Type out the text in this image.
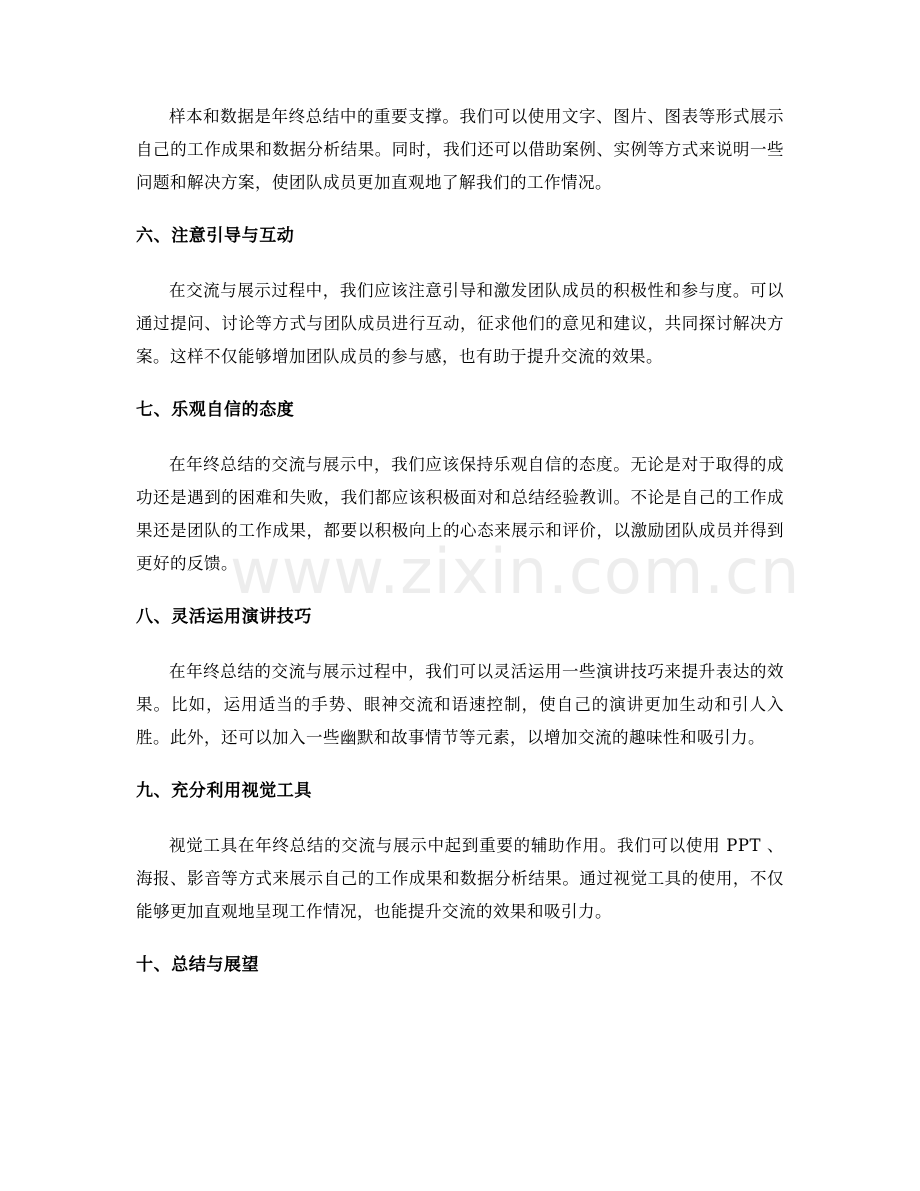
样本和数据是年终总结中的重要支撑。我们可以使用文字、图片、图表等形式展示自己的工作成果和数据分析结果。同时，我们还可以借助案例、实例等方式来说明一些问题和解决方案，使团队成员更加直观地了解我们的工作情况。

六、注意引导与互动

在交流与展示过程中，我们应该注意引导和激发团队成员的积极性和参与度。可以通过提问、讨论等方式与团队成员进行互动，征求他们的意见和建议，共同探讨解决方案。这样不仅能够增加团队成员的参与感，也有助于提升交流的效果。

七、乐观自信的态度

在年终总结的交流与展示中，我们应该保持乐观自信的态度。无论是对于取得的成功还是遇到的困难和失败，我们都应该积极面对和总结经验教训。不论是自己的工作成果还是团队的工作成果，都要以积极向上的心态来展示和评价，以激励团队成员并得到更好的反馈。

八、灵活运用演讲技巧

在年终总结的交流与展示过程中，我们可以灵活运用一些演讲技巧来提升表达的效果。比如，运用适当的手势、眼神交流和语速控制，使自己的演讲更加生动和引人入胜。此外，还可以加入一些幽默和故事情节等元素，以增加交流的趣味性和吸引力。

九、充分利用视觉工具

视觉工具在年终总结的交流与展示中起到重要的辅助作用。我们可以使用 PPT 、海报、影音等方式来展示自己的工作成果和数据分析结果。通过视觉工具的使用，不仅能够更加直观地呈现工作情况，也能提升交流的效果和吸引力。

十、总结与展望
www.zixin.com.cn
